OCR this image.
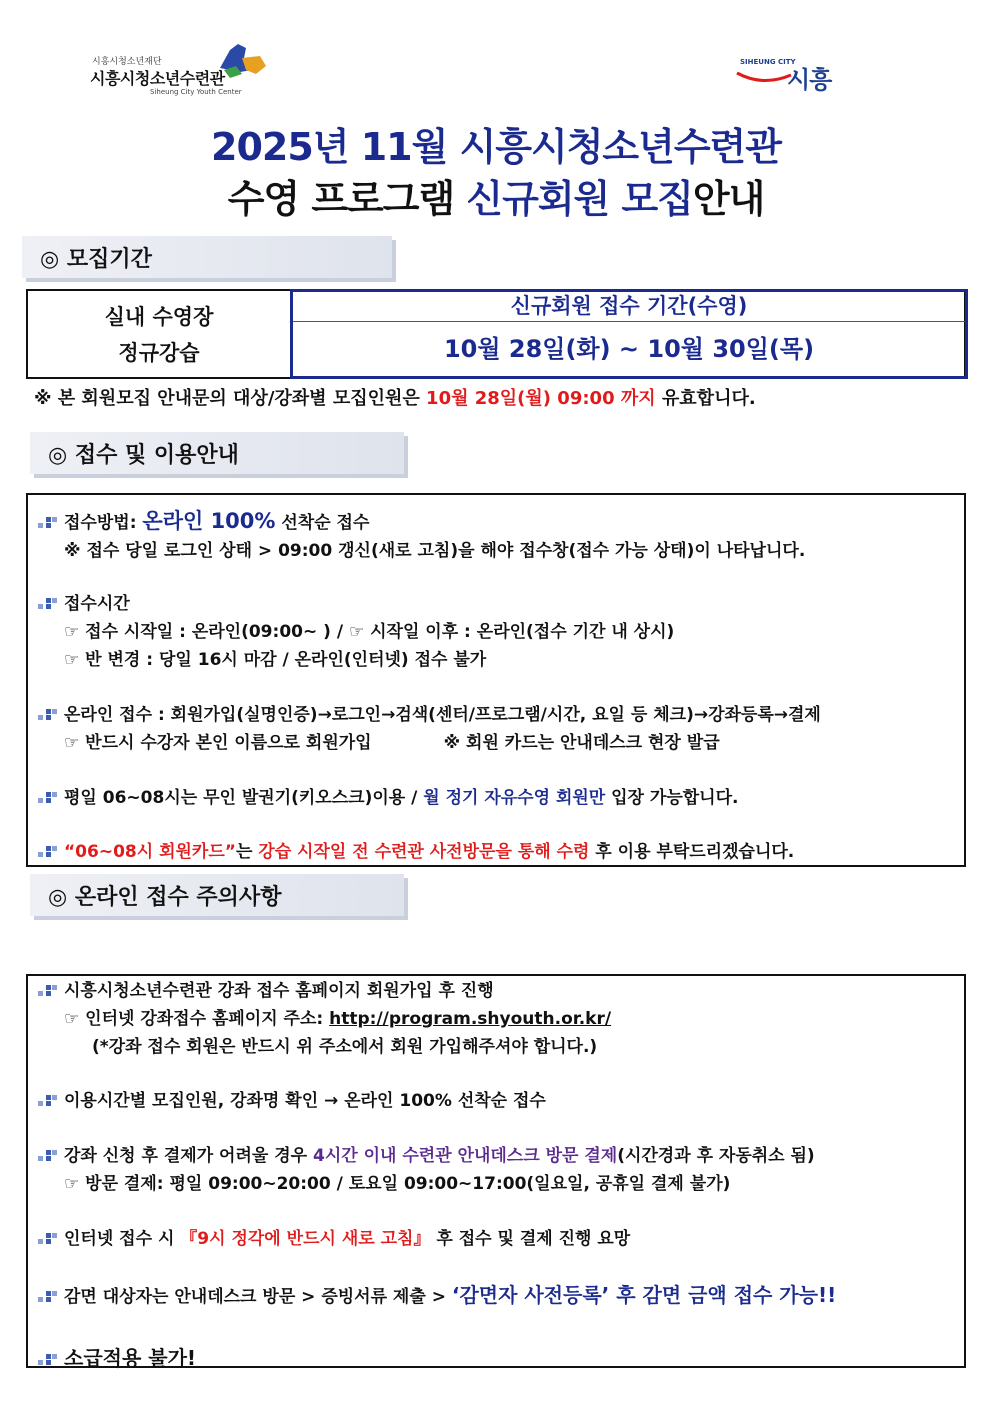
시흥시청소년재단
시흥시청소년수련관
Siheung City Youth Center
SIHEUNG CITY
시흥
2025년 11월 시흥시청소년수련관
수영 프로그램 신규회원 모집안내
◎ 모집기간
실내 수영장
정규강습
신규회원 접수 기간(수영)
10월 28일(화) ~ 10월 30일(목)
※ 본 회원모집 안내문의 대상/강좌별 모집인원은 10월 28일(월) 09:00 까지 유효합니다.
◎ 접수 및 이용안내
접수방법: 온라인 100% 선착순 접수
※ 접수 당일 로그인 상태 > 09:00 갱신(새로 고침)을 해야 접수창(접수 가능 상태)이 나타납니다.
접수시간
☞ 접수 시작일 : 온라인(09:00~ ) / ☞ 시작일 이후 : 온라인(접수 기간 내 상시)
☞ 반 변경 : 당일 16시 마감 / 온라인(인터넷) 접수 불가
온라인 접수 : 회원가입(실명인증)→로그인→검색(센터/프로그램/시간, 요일 등 체크)→강좌등록→결제
☞ 반드시 수강자 본인 이름으로 회원가입	※ 회원 카드는 안내데스크 현장 발급
평일 06~08시는 무인 발권기(키오스크)이용 / 월 정기 자유수영 회원만 입장 가능합니다.
“06~08시 회원카드”는 강습 시작일 전 수련관 사전방문을 통해 수령 후 이용 부탁드리겠습니다.
◎ 온라인 접수 주의사항
시흥시청소년수련관 강좌 접수 홈페이지 회원가입 후 진행
☞ 인터넷 강좌접수 홈페이지 주소: http://program.shyouth.or.kr/
(*강좌 접수 회원은 반드시 위 주소에서 회원 가입해주셔야 합니다.)
이용시간별 모집인원, 강좌명 확인 → 온라인 100% 선착순 접수
강좌 신청 후 결제가 어려울 경우 4시간 이내 수련관 안내데스크 방문 결제(시간경과 후 자동취소 됨)
☞ 방문 결제: 평일 09:00~20:00 / 토요일 09:00~17:00(일요일, 공휴일 결제 불가)
인터넷 접수 시 『9시 정각에 반드시 새로 고침』 후 접수 및 결제 진행 요망
감면 대상자는 안내데스크 방문 > 증빙서류 제출 > ‘감면자 사전등록’ 후 감면 금액 접수 가능!!
소급적용 불가!
